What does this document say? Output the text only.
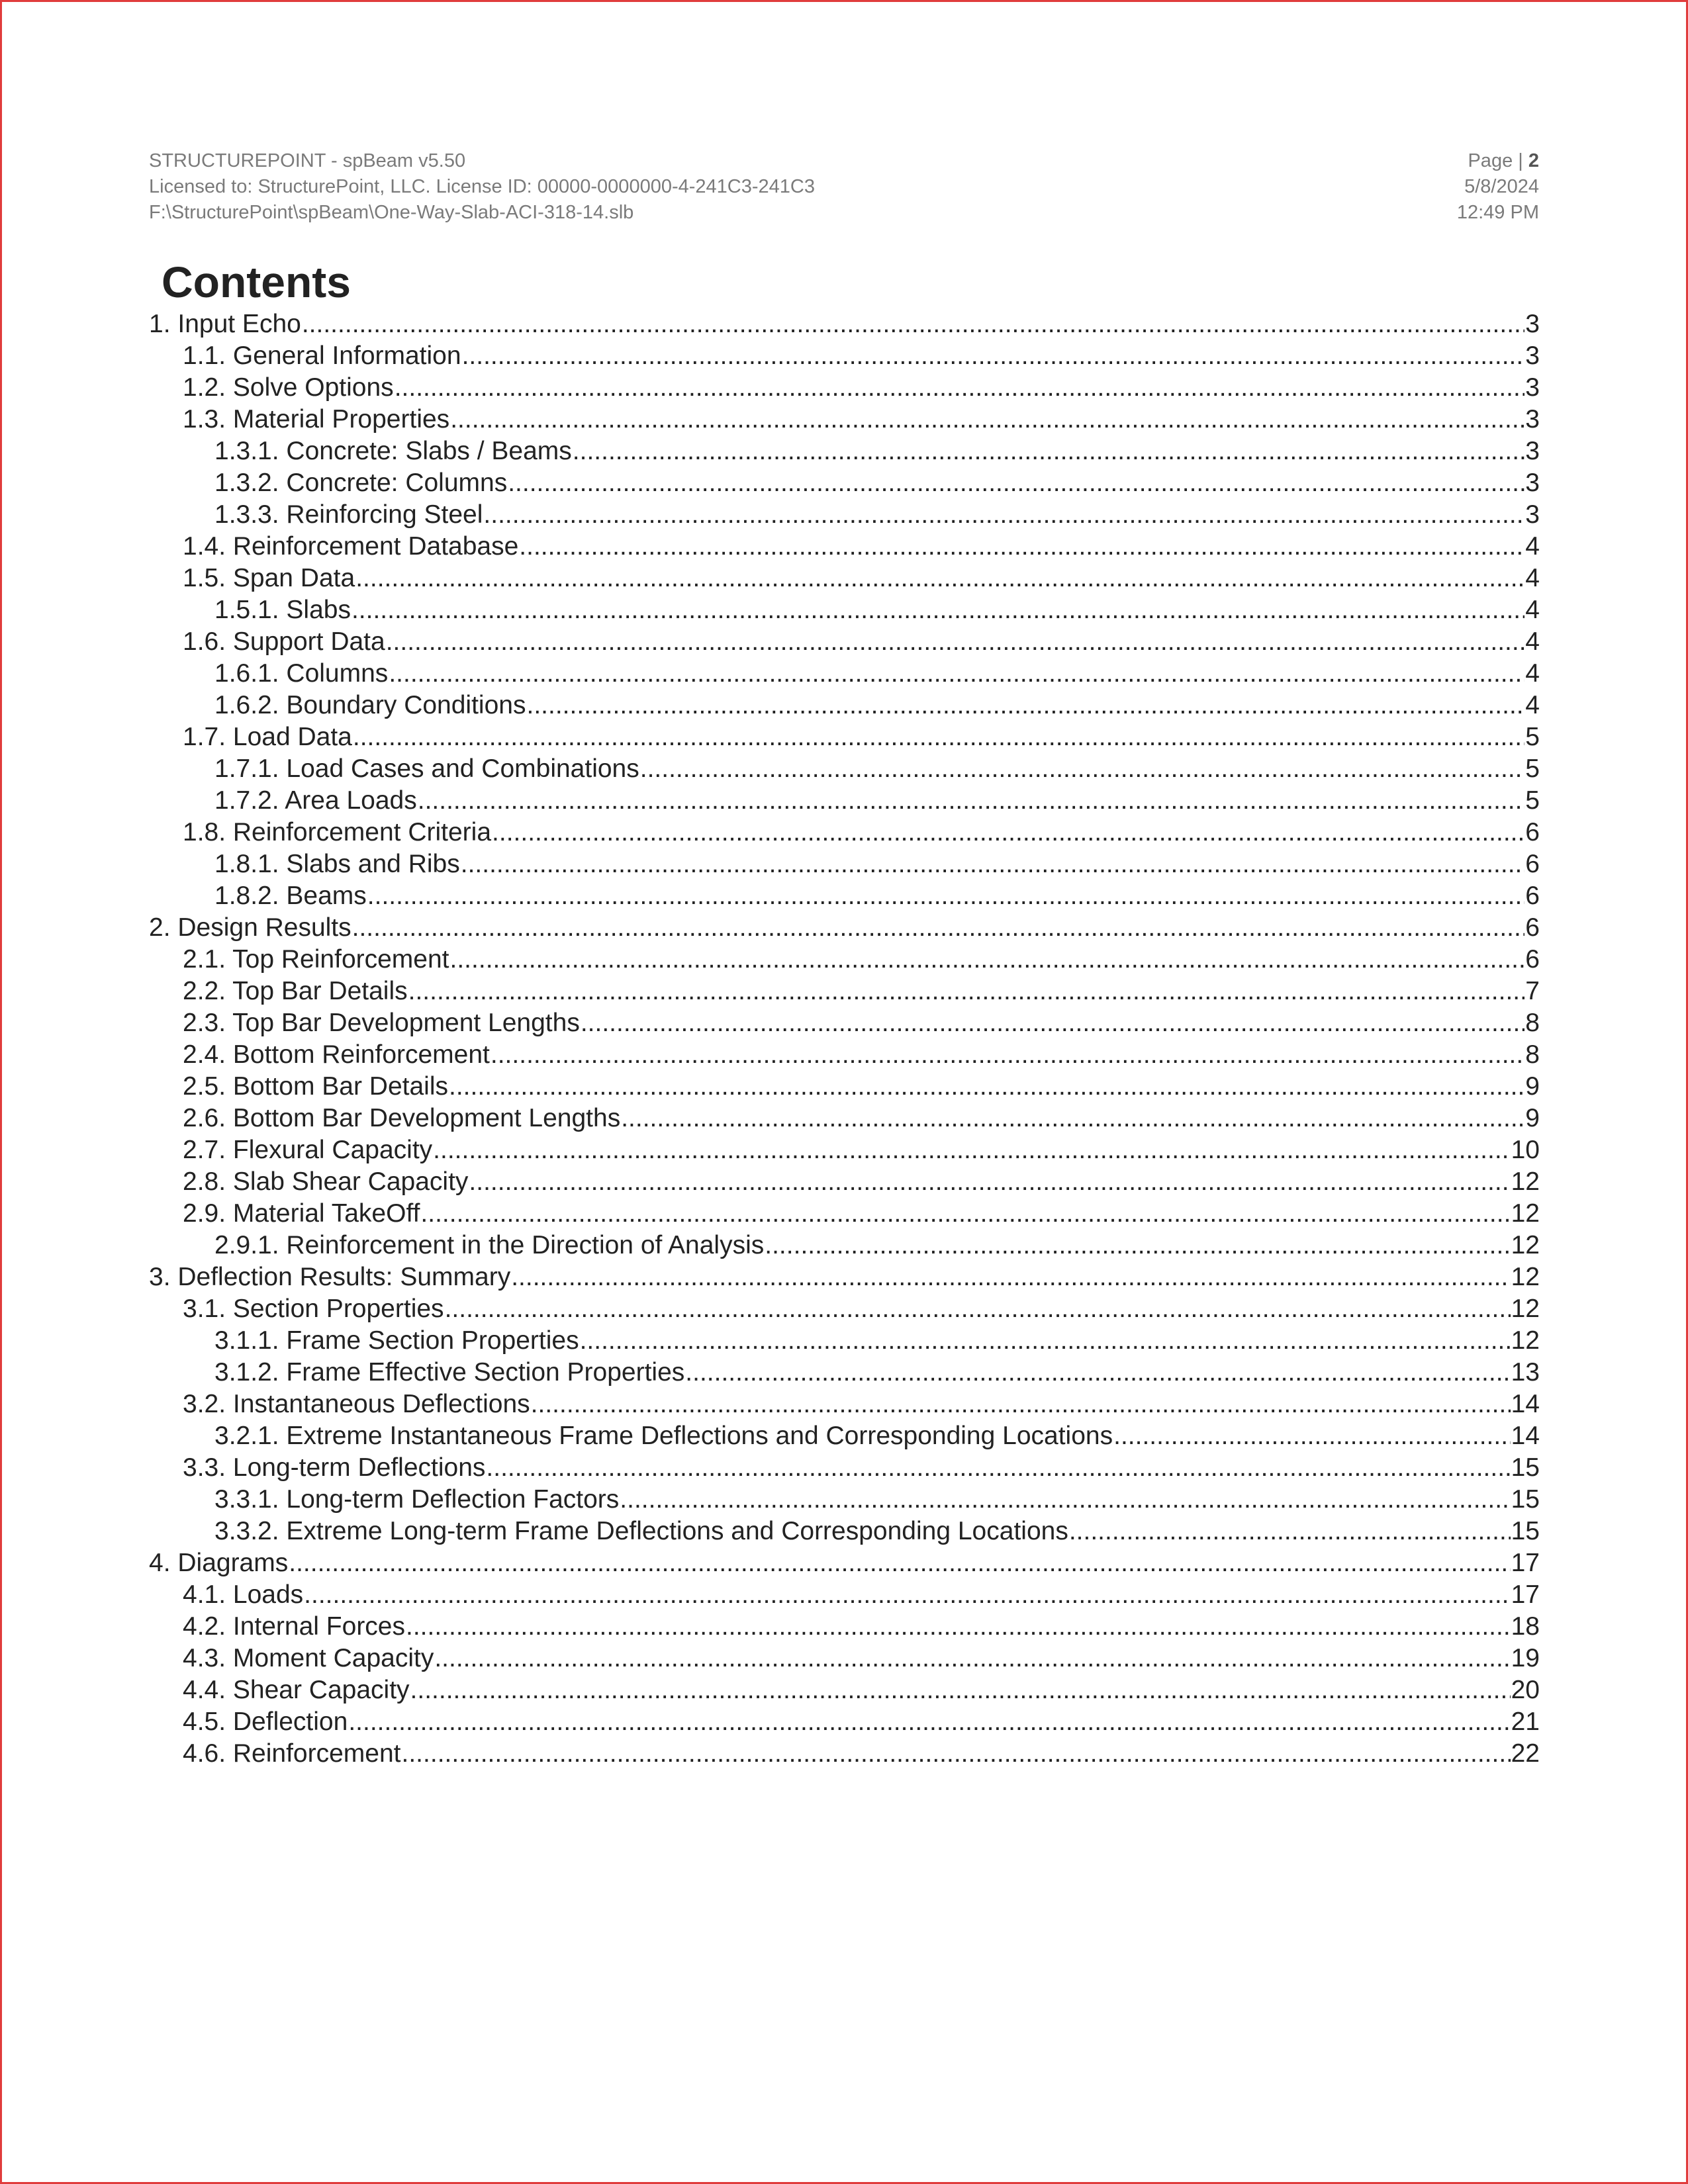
STRUCTUREPOINT - spBeam v5.50
Licensed to: StructurePoint, LLC. License ID: 00000-0000000-4-241C3-241C3
F:\StructurePoint\spBeam\One-Way-Slab-ACI-318-14.slb
Page | 2
5/8/2024
12:49 PM
Contents
1. Input Echo .....	3
1.1. General Information .....	3
1.2. Solve Options .....	3
1.3. Material Properties .....	3
1.3.1. Concrete: Slabs / Beams .....	3
1.3.2. Concrete: Columns .....	3
1.3.3. Reinforcing Steel .....	3
1.4. Reinforcement Database .....	4
1.5. Span Data .....	4
1.5.1. Slabs .....	4
1.6. Support Data .....	4
1.6.1. Columns .....	4
1.6.2. Boundary Conditions .....	4
1.7. Load Data .....	5
1.7.1. Load Cases and Combinations .....	5
1.7.2. Area Loads .....	5
1.8. Reinforcement Criteria .....	6
1.8.1. Slabs and Ribs .....	6
1.8.2. Beams .....	6
2. Design Results .....	6
2.1. Top Reinforcement .....	6
2.2. Top Bar Details .....	7
2.3. Top Bar Development Lengths .....	8
2.4. Bottom Reinforcement .....	8
2.5. Bottom Bar Details .....	9
2.6. Bottom Bar Development Lengths .....	9
2.7. Flexural Capacity .....	10
2.8. Slab Shear Capacity .....	12
2.9. Material TakeOff .....	12
2.9.1. Reinforcement in the Direction of Analysis .....	12
3. Deflection Results: Summary .....	12
3.1. Section Properties .....	12
3.1.1. Frame Section Properties .....	12
3.1.2. Frame Effective Section Properties .....	13
3.2. Instantaneous Deflections .....	14
3.2.1. Extreme Instantaneous Frame Deflections and Corresponding Locations .....	14
3.3. Long-term Deflections .....	15
3.3.1. Long-term Deflection Factors .....	15
3.3.2. Extreme Long-term Frame Deflections and Corresponding Locations .....	15
4. Diagrams .....	17
4.1. Loads .....	17
4.2. Internal Forces .....	18
4.3. Moment Capacity .....	19
4.4. Shear Capacity .....	20
4.5. Deflection .....	21
4.6. Reinforcement .....	22
